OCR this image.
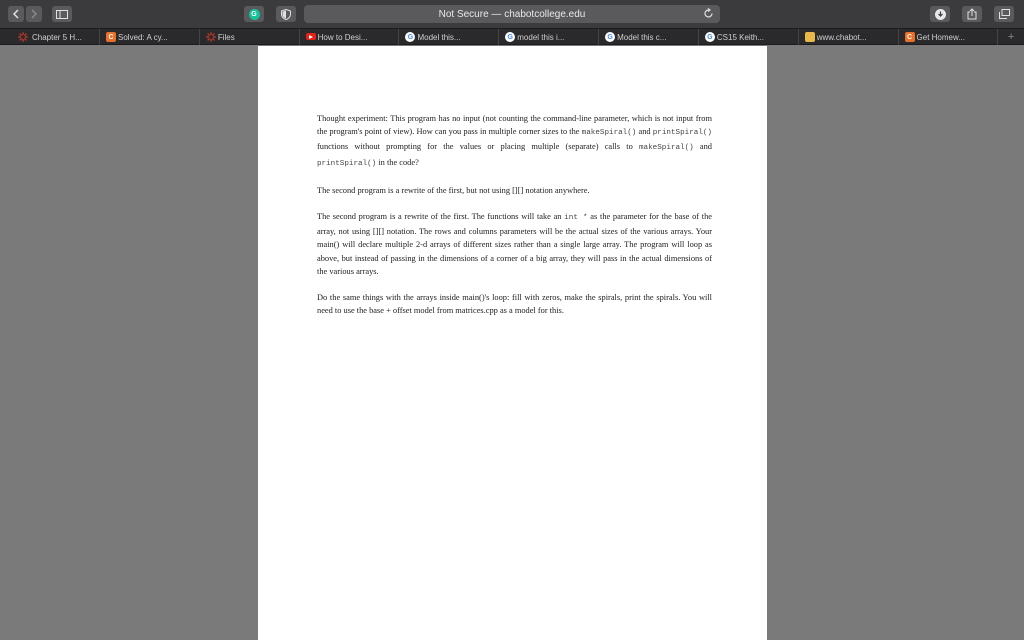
G	Not Secure — chabotcollege.edu
Chapter 5 H...	C Solved: A cy...	Files	How to Desi...	G Model this...	G model this i...	G Model this c...	G CS15 Keith...	www.chabot...	C Get Homew...	+

Thought experiment: This program has no input (not counting the command-line parameter, which is not input from the program's point of view). How can you pass in multiple corner sizes to the makeSpiral() and printSpiral() functions without prompting for the values or placing multiple (separate) calls to makeSpiral() and printSpiral() in the code?

The second program is a rewrite of the first, but not using [][] notation anywhere.

The second program is a rewrite of the first. The functions will take an int * as the parameter for the base of the array, not using [][] notation. The rows and columns parameters will be the actual sizes of the various arrays. Your main() will declare multiple 2-d arrays of different sizes rather than a single large array. The program will loop as above, but instead of passing in the dimensions of a corner of a big array, they will pass in the actual dimensions of the various arrays.

Do the same things with the arrays inside main()'s loop: fill with zeros, make the spirals, print the spirals. You will need to use the base + offset model from matrices.cpp as a model for this.
